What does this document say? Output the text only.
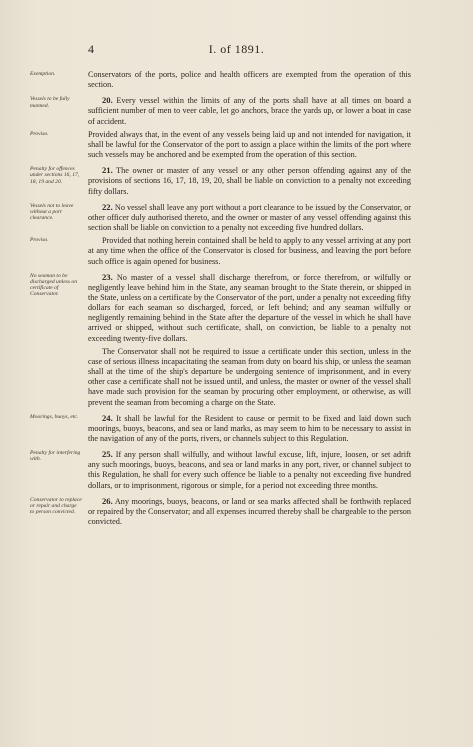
4	I. of 1891.
Exemption.	Conservators of the ports, police and health officers are exempted from the operation of this section.
Vessels to be fully manned.
20. Every vessel within the limits of any of the ports shall have at all times on board a sufficient number of men to veer cable, let go anchors, brace the yards up, or lower a boat in case of accident.
Proviso.	Provided always that, in the event of any vessels being laid up and not intended for navigation, it shall be lawful for the Conservator of the port to assign a place within the limits of the port where such vessels may be anchored and be exempted from the operation of this section.
Penalty for offences under sections 16, 17, 18, 19 and 20.
21. The owner or master of any vessel or any other person offending against any of the provisions of sections 16, 17, 18, 19, 20, shall be liable on conviction to a penalty not exceeding fifty dollars.
Vessels not to leave without a port clearance.
22. No vessel shall leave any port without a port clearance to be issued by the Conservator, or other officer duly authorised thereto, and the owner or master of any vessel offending against this section shall be liable on conviction to a penalty not exceeding five hundred dollars.
Proviso.	Provided that nothing herein contained shall be held to apply to any vessel arriving at any port at any time when the office of the Conservator is closed for business, and leaving the port before such office is again opened for business.
No seaman to be discharged unless on certificate of Conservator.
23. No master of a vessel shall discharge therefrom, or force therefrom, or wilfully or negligently leave behind him in the State, any seaman brought to the State therein, or shipped in the State, unless on a certificate by the Conservator of the port, under a penalty not exceeding fifty dollars for each seaman so discharged, forced, or left behind; and any seaman wilfully or negligently remaining behind in the State after the departure of the vessel in which he shall have arrived or shipped, without such certificate, shall, on conviction, be liable to a penalty not exceeding twenty-five dollars.
The Conservator shall not be required to issue a certificate under this section, unless in the case of serious illness incapacitating the seaman from duty on board his ship, or unless the seaman shall at the time of the ship's departure be undergoing sentence of imprisonment, and in every other case a certificate shall not be issued until, and unless, the master or owner of the vessel shall have made such provision for the seaman by procuring other employment, or otherwise, as will prevent the seaman from becoming a charge on the State.
Moorings, buoys, etc.	24. It shall be lawful for the Resident to cause or permit to be fixed and laid down such moorings, buoys, beacons, and sea or land marks, as may seem to him to be necessary to assist in the navigation of any of the ports, rivers, or channels subject to this Regulation.
Penalty for interfering with.
25. If any person shall wilfully, and without lawful excuse, lift, injure, loosen, or set adrift any such moorings, buoys, beacons, and sea or land marks in any port, river, or channel subject to this Regulation, he shall for every such offence be liable to a penalty not exceeding five hundred dollars, or to imprisonment, rigorous or simple, for a period not exceeding three months.
Conservator to replace or repair and charge to person convicted.
26. Any moorings, buoys, beacons, or land or sea marks affected shall be forthwith replaced or repaired by the Conservator; and all expenses incurred thereby shall be chargeable to the person convicted.
